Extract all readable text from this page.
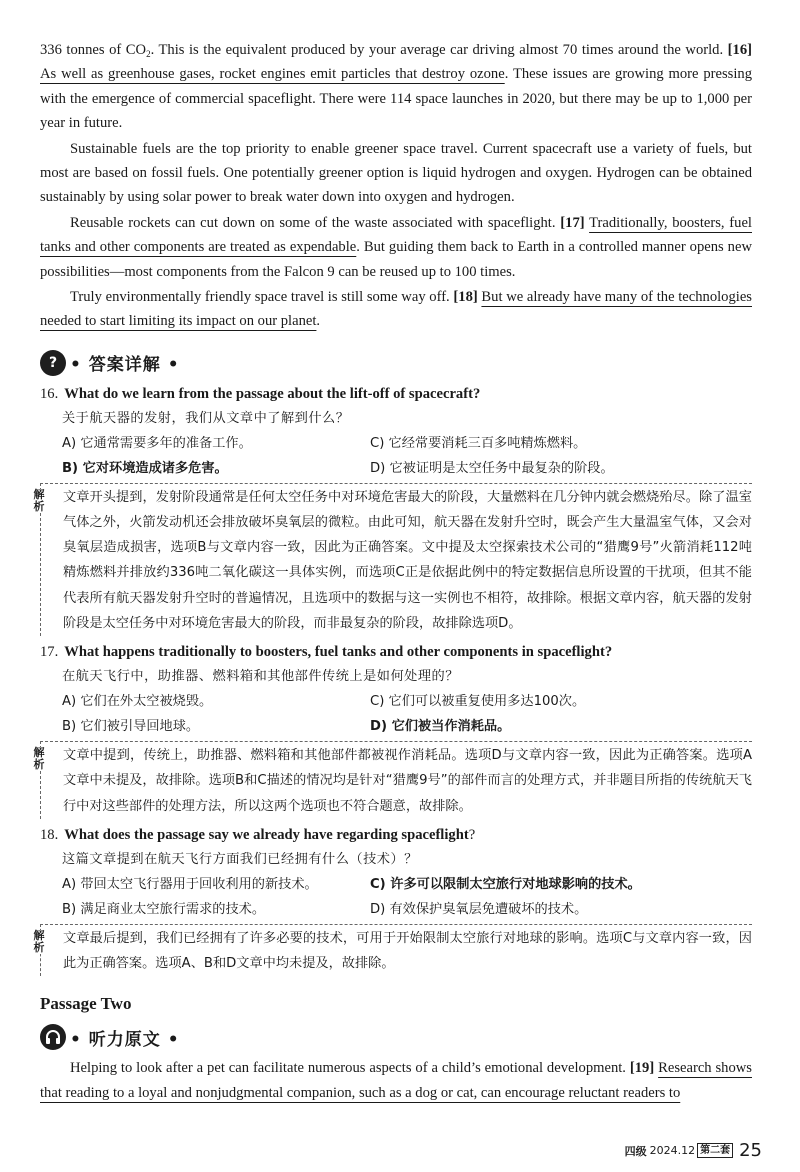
336 tonnes of $CO_2$. This is the equivalent produced by your average car driving almost 70 times around the world. [16] As well as greenhouse gases, rocket engines emit particles that destroy ozone. These issues are growing more pressing with the emergence of commercial spaceflight. There were 114 space launches in 2020, but there may be up to 1,000 per year in future.

Sustainable fuels are the top priority to enable greener space travel. Current spacecraft use a variety of fuels, but most are based on fossil fuels. One potentially greener option is liquid hydrogen and oxygen. Hydrogen can be obtained sustainably by using solar power to break water down into oxygen and hydrogen.

Reusable rockets can cut down on some of the waste associated with spaceflight. [17] Traditionally, boosters, fuel tanks and other components are treated as expendable. But guiding them back to Earth in a controlled manner opens new possibilities—most components from the Falcon 9 can be reused up to 100 times.

Truly environmentally friendly space travel is still some way off. [18] But we already have many of the technologies needed to start limiting its impact on our planet.

? • 答案详解 •
16. What do we learn from the passage about the lift-off of spacecraft?
关于航天器的发射，我们从文章中了解到什么？
A) 它通常需要多年的准备工作。	C) 它经常要消耗三百多吨精炼燃料。
B) 它对环境造成诸多危害。	D) 它被证明是太空任务中最复杂的阶段。
解析
文章开头提到，发射阶段通常是任何太空任务中对环境危害最大的阶段，大量燃料在几分钟内就会燃烧殆尽。除了温室气体之外，火箭发动机还会排放破坏臭氧层的微粒。由此可知，航天器在发射升空时，既会产生大量温室气体，又会对臭氧层造成损害，选项B与文章内容一致，因此为正确答案。文中提及太空探索技术公司的“猎鹰9号”火箭消耗112吨精炼燃料并排放约336吨二氧化碳这一具体实例，而选项C正是依据此例中的特定数据信息所设置的干扰项，但其不能代表所有航天器发射升空时的普遍情况，且选项中的数据与这一实例也不相符，故排除。根据文章内容，航天器的发射阶段是太空任务中对环境危害最大的阶段，而非最复杂的阶段，故排除选项D。
17. What happens traditionally to boosters, fuel tanks and other components in spaceflight?
在航天飞行中，助推器、燃料箱和其他部件传统上是如何处理的？
A) 它们在外太空被烧毁。	C) 它们可以被重复使用多达100次。
B) 它们被引导回地球。	D) 它们被当作消耗品。
解析
文章中提到，传统上，助推器、燃料箱和其他部件都被视作消耗品。选项D与文章内容一致，因此为正确答案。选项A文章中未提及，故排除。选项B和C描述的情况均是针对“猎鹰9号”的部件而言的处理方式，并非题目所指的传统航天飞行中对这些部件的处理方法，所以这两个选项也不符合题意，故排除。
18. What does the passage say we already have regarding spaceflight?
这篇文章提到在航天飞行方面我们已经拥有什么（技术）？
A) 带回太空飞行器用于回收利用的新技术。	C) 许多可以限制太空旅行对地球影响的技术。
B) 满足商业太空旅行需求的技术。	D) 有效保护臭氧层免遭破坏的技术。
解析
文章最后提到，我们已经拥有了许多必要的技术，可用于开始限制太空旅行对地球的影响。选项C与文章内容一致，因此为正确答案。选项A、B和D文章中均未提及，故排除。
Passage Two
• 听力原文 •

Helping to look after a pet can facilitate numerous aspects of a child’s emotional development. [19] Research shows that reading to a loyal and nonjudgmental companion, such as a dog or cat, can encourage reluctant readers to

四级 2024.12 第二套 25
